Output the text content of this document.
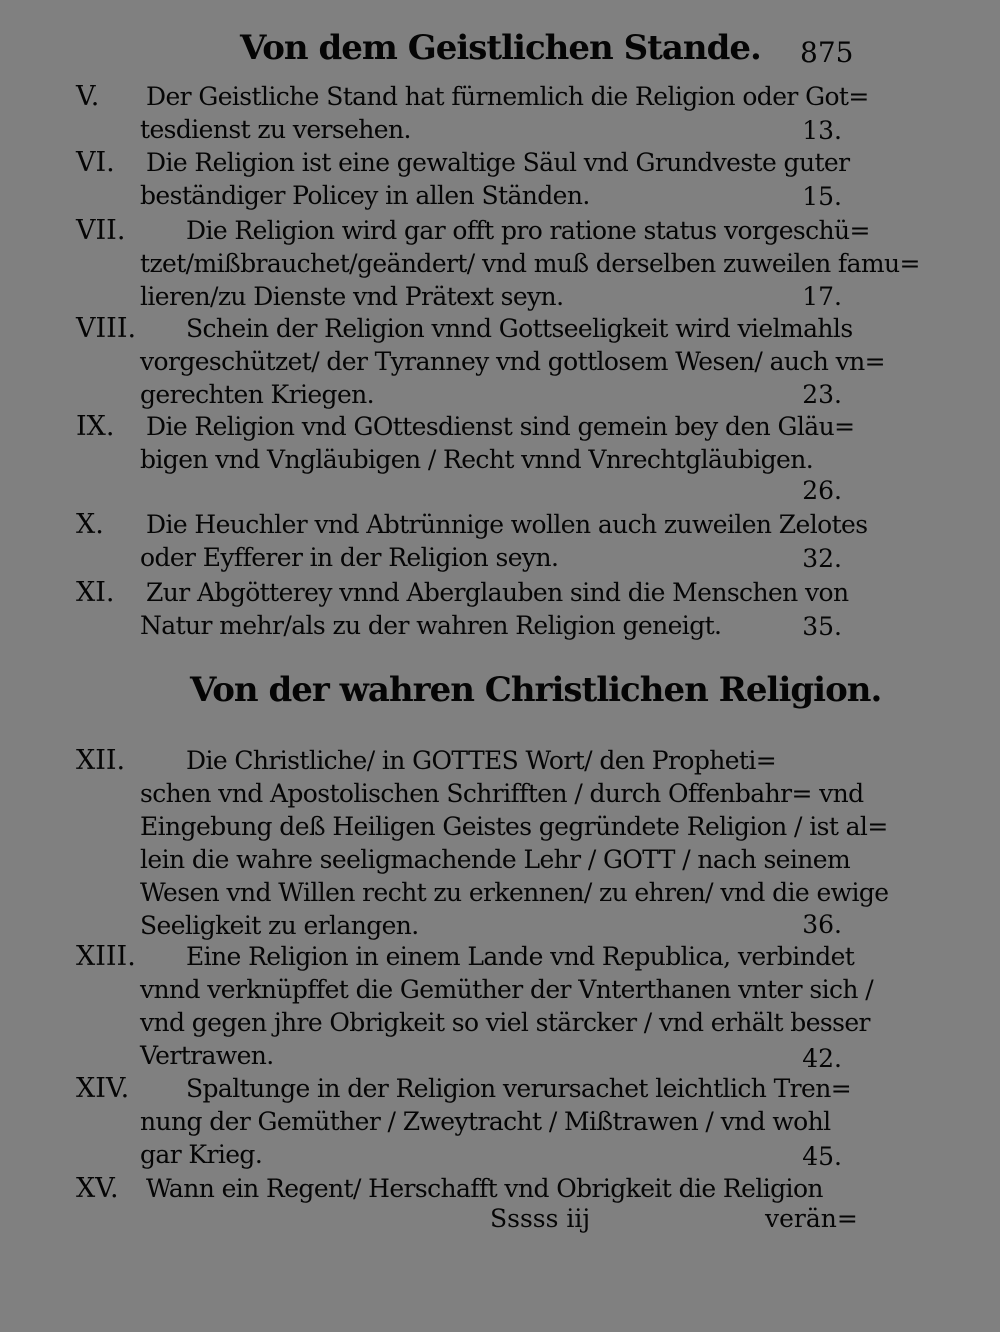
Von dem Geistlichen Stande. 875
V. Der Geistliche Stand hat fürnemlich die Religion oder Got=
tesdienst zu versehen.	13.
VI. Die Religion ist eine gewaltige Säul vnd Grundveste guter
beständiger Policey in allen Ständen.	15.
VII. Die Religion wird gar offt pro ratione status vorgeschü=
tzet/mißbrauchet/geändert/ vnd muß derselben zuweilen famu=
lieren/zu Dienste vnd Prätext seyn.	17.
VIII. Schein der Religion vnnd Gottseeligkeit wird vielmahls
vorgeschützet/ der Tyranney vnd gottlosem Wesen/ auch vn=
gerechten Kriegen.	23.
IX. Die Religion vnd GOttesdienst sind gemein bey den Gläu=
bigen vnd Vngläubigen / Recht vnnd Vnrechtgläubigen.
26.
X. Die Heuchler vnd Abtrünnige wollen auch zuweilen Zelotes
oder Eyfferer in der Religion seyn.	32.
XI. Zur Abgötterey vnnd Aberglauben sind die Menschen von
Natur mehr/als zu der wahren Religion geneigt.	35.
XII. Die Christliche/ in GOTTES Wort/ den Propheti=
schen vnd Apostolischen Schrifften / durch Offenbahr= vnd
Eingebung deß Heiligen Geistes gegründete Religion / ist al=
lein die wahre seeligmachende Lehr / GOTT / nach seinem
Wesen vnd Willen recht zu erkennen/ zu ehren/ vnd die ewige
Seeligkeit zu erlangen.	36.
XIII. Eine Religion in einem Lande vnd Republica, verbindet
vnnd verknüpffet die Gemüther der Vnterthanen vnter sich /
vnd gegen jhre Obrigkeit so viel stärcker / vnd erhält besser
Vertrawen.	42.
XIV. Spaltunge in der Religion verursachet leichtlich Tren=
nung der Gemüther / Zweytracht / Mißtrawen / vnd wohl
gar Krieg.	45.
XV. Wann ein Regent/ Herschafft vnd Obrigkeit die Religion
Von der wahren Christlichen Religion.
Sssss iij	verän=
